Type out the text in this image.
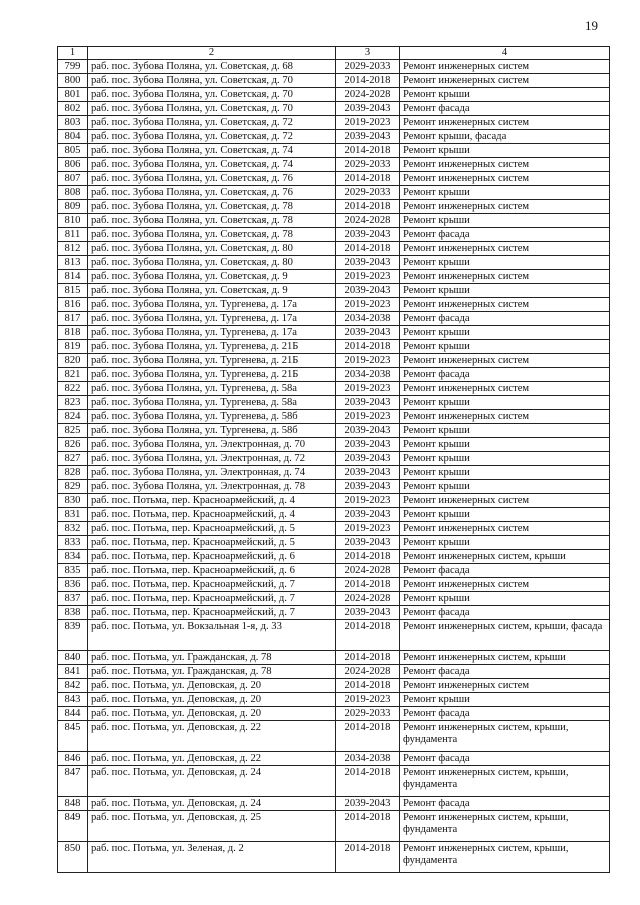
19
1	2	3	4
799	раб. пос. Зубова Поляна, ул. Советская, д. 68	2029-2033	Ремонт инженерных систем
800	раб. пос. Зубова Поляна, ул. Советская, д. 70	2014-2018	Ремонт инженерных систем
801	раб. пос. Зубова Поляна, ул. Советская, д. 70	2024-2028	Ремонт крыши
802	раб. пос. Зубова Поляна, ул. Советская, д. 70	2039-2043	Ремонт фасада
803	раб. пос. Зубова Поляна, ул. Советская, д. 72	2019-2023	Ремонт инженерных систем
804	раб. пос. Зубова Поляна, ул. Советская, д. 72	2039-2043	Ремонт крыши, фасада
805	раб. пос. Зубова Поляна, ул. Советская, д. 74	2014-2018	Ремонт крыши
806	раб. пос. Зубова Поляна, ул. Советская, д. 74	2029-2033	Ремонт инженерных систем
807	раб. пос. Зубова Поляна, ул. Советская, д. 76	2014-2018	Ремонт инженерных систем
808	раб. пос. Зубова Поляна, ул. Советская, д. 76	2029-2033	Ремонт крыши
809	раб. пос. Зубова Поляна, ул. Советская, д. 78	2014-2018	Ремонт инженерных систем
810	раб. пос. Зубова Поляна, ул. Советская, д. 78	2024-2028	Ремонт крыши
811	раб. пос. Зубова Поляна, ул. Советская, д. 78	2039-2043	Ремонт фасада
812	раб. пос. Зубова Поляна, ул. Советская, д. 80	2014-2018	Ремонт инженерных систем
813	раб. пос. Зубова Поляна, ул. Советская, д. 80	2039-2043	Ремонт крыши
814	раб. пос. Зубова Поляна, ул. Советская, д. 9	2019-2023	Ремонт инженерных систем
815	раб. пос. Зубова Поляна, ул. Советская, д. 9	2039-2043	Ремонт крыши
816	раб. пос. Зубова Поляна, ул. Тургенева, д. 17а	2019-2023	Ремонт инженерных систем
817	раб. пос. Зубова Поляна, ул. Тургенева, д. 17а	2034-2038	Ремонт фасада
818	раб. пос. Зубова Поляна, ул. Тургенева, д. 17а	2039-2043	Ремонт крыши
819	раб. пос. Зубова Поляна, ул. Тургенева, д. 21Б	2014-2018	Ремонт крыши
820	раб. пос. Зубова Поляна, ул. Тургенева, д. 21Б	2019-2023	Ремонт инженерных систем
821	раб. пос. Зубова Поляна, ул. Тургенева, д. 21Б	2034-2038	Ремонт фасада
822	раб. пос. Зубова Поляна, ул. Тургенева, д. 58а	2019-2023	Ремонт инженерных систем
823	раб. пос. Зубова Поляна, ул. Тургенева, д. 58а	2039-2043	Ремонт крыши
824	раб. пос. Зубова Поляна, ул. Тургенева, д. 58б	2019-2023	Ремонт инженерных систем
825	раб. пос. Зубова Поляна, ул. Тургенева, д. 58б	2039-2043	Ремонт крыши
826	раб. пос. Зубова Поляна, ул. Электронная, д. 70	2039-2043	Ремонт крыши
827	раб. пос. Зубова Поляна, ул. Электронная, д. 72	2039-2043	Ремонт крыши
828	раб. пос. Зубова Поляна, ул. Электронная, д. 74	2039-2043	Ремонт крыши
829	раб. пос. Зубова Поляна, ул. Электронная, д. 78	2039-2043	Ремонт крыши
830	раб. пос. Потьма, пер. Красноармейский, д. 4	2019-2023	Ремонт инженерных систем
831	раб. пос. Потьма, пер. Красноармейский, д. 4	2039-2043	Ремонт крыши
832	раб. пос. Потьма, пер. Красноармейский, д. 5	2019-2023	Ремонт инженерных систем
833	раб. пос. Потьма, пер. Красноармейский, д. 5	2039-2043	Ремонт крыши
834	раб. пос. Потьма, пер. Красноармейский, д. 6	2014-2018	Ремонт инженерных систем, крыши
835	раб. пос. Потьма, пер. Красноармейский, д. 6	2024-2028	Ремонт фасада
836	раб. пос. Потьма, пер. Красноармейский, д. 7	2014-2018	Ремонт инженерных систем
837	раб. пос. Потьма, пер. Красноармейский, д. 7	2024-2028	Ремонт крыши
838	раб. пос. Потьма, пер. Красноармейский, д. 7	2039-2043	Ремонт фасада
839	раб. пос. Потьма, ул. Вокзальная 1-я, д. 33	2014-2018	Ремонт инженерных систем, крыши, фасада
840	раб. пос. Потьма, ул. Гражданская, д. 78	2014-2018	Ремонт инженерных систем, крыши
841	раб. пос. Потьма, ул. Гражданская, д. 78	2024-2028	Ремонт фасада
842	раб. пос. Потьма, ул. Деповская, д. 20	2014-2018	Ремонт инженерных систем
843	раб. пос. Потьма, ул. Деповская, д. 20	2019-2023	Ремонт крыши
844	раб. пос. Потьма, ул. Деповская, д. 20	2029-2033	Ремонт фасада
845	раб. пос. Потьма, ул. Деповская, д. 22	2014-2018	Ремонт инженерных систем, крыши, фундамента
846	раб. пос. Потьма, ул. Деповская, д. 22	2034-2038	Ремонт фасада
847	раб. пос. Потьма, ул. Деповская, д. 24	2014-2018	Ремонт инженерных систем, крыши, фундамента
848	раб. пос. Потьма, ул. Деповская, д. 24	2039-2043	Ремонт фасада
849	раб. пос. Потьма, ул. Деповская, д. 25	2014-2018	Ремонт инженерных систем, крыши, фундамента
850	раб. пос. Потьма, ул. Зеленая, д. 2	2014-2018	Ремонт инженерных систем, крыши, фундамента
